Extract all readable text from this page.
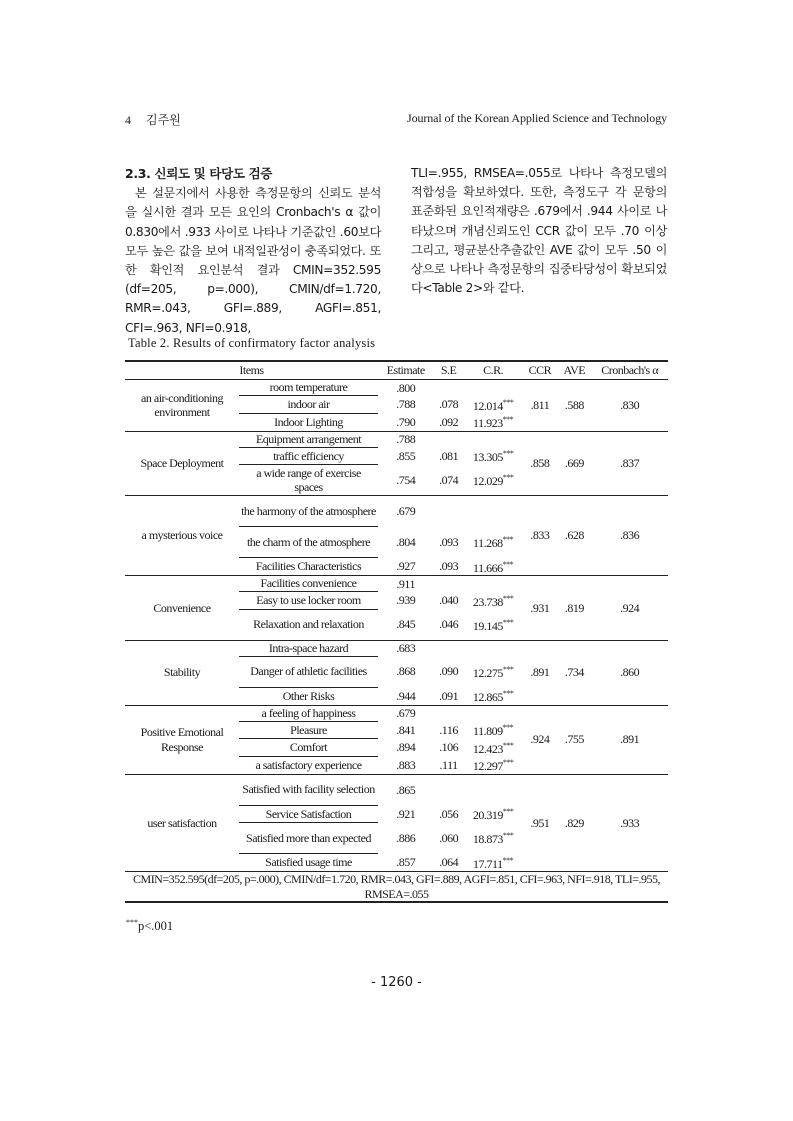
4 김주원	Journal of the Korean Applied Science and Technology
2.3. 신뢰도 및 타당도 검증
본 설문지에서 사용한 측정문항의 신뢰도 분석을 실시한 결과 모든 요인의 Cronbach's α 값이 0.830에서 .933 사이로 나타나 기준값인 .60보다 모두 높은 값을 보여 내적일관성이 충족되었다. 또한 확인적 요인분석 결과 CMIN=352.595 (df=205, p=.000), CMIN/df=1.720, RMR=.043, GFI=.889, AGFI=.851, CFI=.963, NFI=0.918,
TLI=.955, RMSEA=.055로 나타나 측정모델의 적합성을 확보하였다. 또한, 측정도구 각 문항의 표준화된 요인적재량은 .679에서 .944 사이로 나타났으며 개념신뢰도인 CCR 값이 모두 .70 이상 그리고, 평균분산추출값인 AVE 값이 모두 .50 이상으로 나타나 측정문항의 집중타당성이 확보되었다<Table 2>와 같다.
Table 2. Results of confirmatory factor analysis
Items		Estimate	S.E	C.R.	CCR	AVE	Cronbach's α
an air-conditioning environment	room temperature	.800			.811	.588	.830
	indoor air	.788	.078	12.014***
	Indoor Lighting	.790	.092	11.923***
Space Deployment	Equipment arrangement	.788			.858	.669	.837
	traffic efficiency	.855	.081	13.305***
	a wide range of exercise spaces	.754	.074	12.029***
a mysterious voice	the harmony of the atmosphere	.679			.833	.628	.836
	the charm of the atmosphere	.804	.093	11.268***
	Facilities Characteristics	.927	.093	11.666***
Convenience	Facilities convenience	.911			.931	.819	.924
	Easy to use locker room	.939	.040	23.738***
	Relaxation and relaxation	.845	.046	19.145***
Stability	Intra-space hazard	.683			.891	.734	.860
	Danger of athletic facilities	.868	.090	12.275***
	Other Risks	.944	.091	12.865***
Positive Emotional Response	a feeling of happiness	.679			.924	.755	.891
	Pleasure	.841	.116	11.809***
	Comfort	.894	.106	12.423***
	a satisfactory experience	.883	.111	12.297***
user satisfaction	Satisfied with facility selection	.865			.951	.829	.933
	Service Satisfaction	.921	.056	20.319***
	Satisfied more than expected	.886	.060	18.873***
	Satisfied usage time	.857	.064	17.711***
CMIN=352.595(df=205, p=.000), CMIN/df=1.720, RMR=.043, GFI=.889, AGFI=.851, CFI=.963, NFI=.918, TLI=.955, RMSEA=.055							
***p<.001
- 1260 -
